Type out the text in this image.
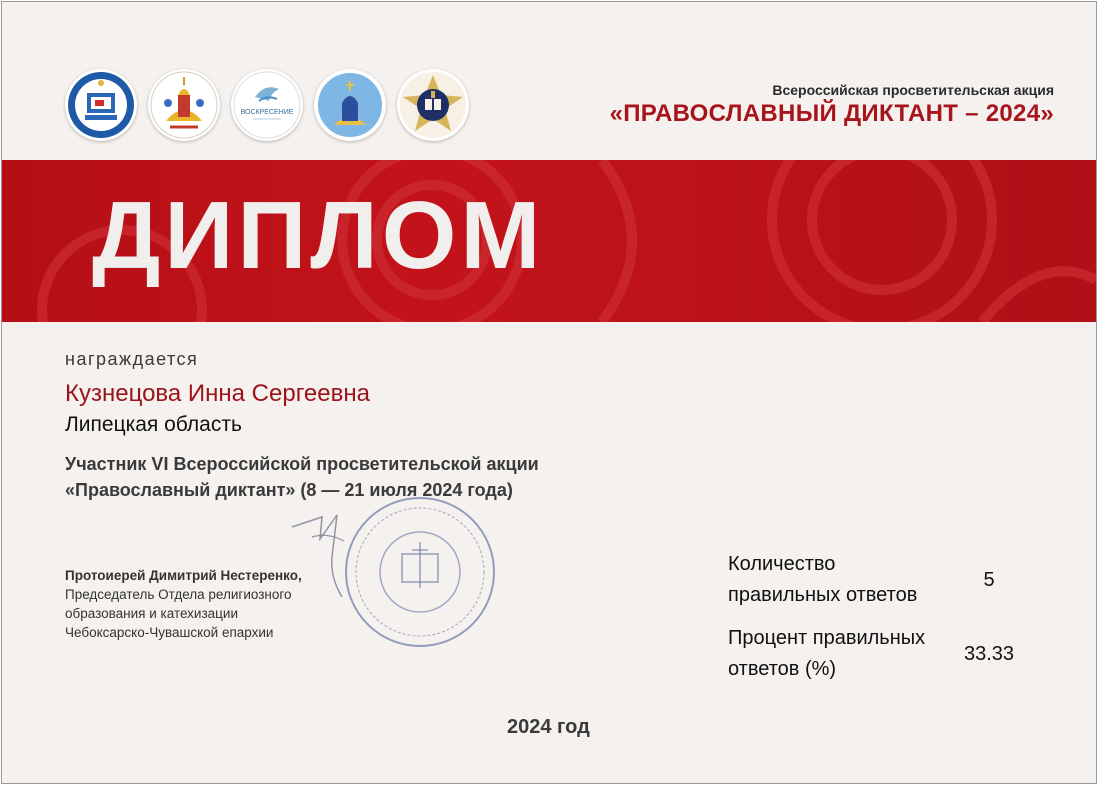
ВОСКРЕСЕНИЕ
Всероссийская просветительская акция
«ПРАВОСЛАВНЫЙ ДИКТАНТ – 2024»
ДИПЛОМ
награждается
Кузнецова Инна Сергеевна
Липецкая область
Участник VI Всероссийской просветительской акции
«Православный диктант» (8 — 21 июля 2024 года)
Протоиерей Димитрий Нестеренко,
Председатель Отдела религиозного
образования и катехизации
Чебоксарско-Чувашской епархии
2024 год
Количество правильных ответов5
Процент правильных ответов (%)33.33
